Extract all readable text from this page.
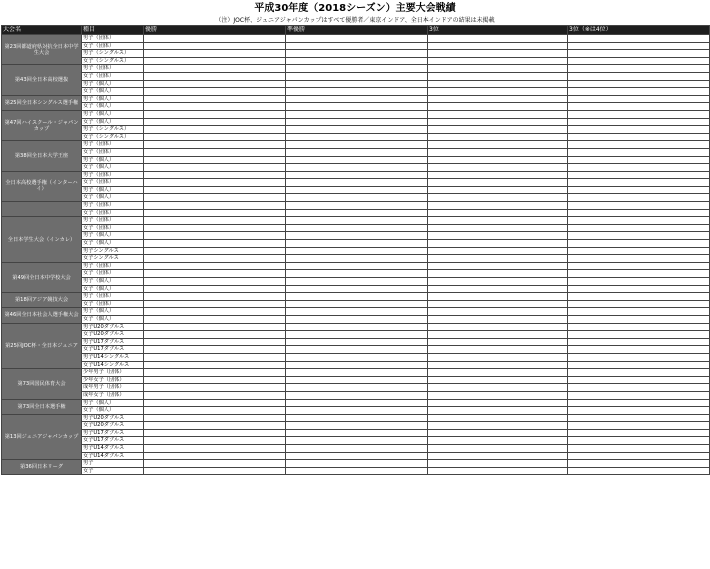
平成30年度（2018シーズン）主要大会戦績
（注）JOC杯、ジュニアジャパンカップはすべて優勝者／東京インドア、全日本インドアの結果は未掲載
大会名	種目	優勝	準優勝	3位	3位（※は4位）
第23回都道府県対抗全日本中学生大会	男子（団体）				
	女子（団体）				
	男子（シングルス）				
	女子（シングルス）				
第43回全日本高校選抜	男子（団体）				
	女子（団体）				
	男子（個人）				
	女子（個人）				
第25回全日本シングルス選手権	男子（個人）				
	女子（個人）				
第47回ハイスクール・ジャパンカップ	男子（個人）				
	女子（個人）				
	男子（シングルス）				
	女子（シングルス）				
第38回全日本大学王座	男子（団体）				
	女子（団体）				
	男子（個人）				
	女子（個人）				
全日本高校選手権（インターハイ）	男子（団体）				
	女子（団体）				
	男子（個人）				
	女子（個人）				
	男子（団体）				
	女子（団体）				
全日本学生大会（インカレ）	男子（団体）				
	女子（団体）				
	男子（個人）				
	女子（個人）				
	男子シングルス				
	女子シングルス				
第49回全日本中学校大会	男子（団体）				
	女子（団体）				
	男子（個人）				
	女子（個人）				
第18回アジア競技大会	男子（団体）				
	女子（団体）				
第46回全日本社会人選手権大会	男子（個人）				
	女子（個人）				
第25回JOC杯・全日本ジュニア	男子U20ダブルス				
	女子U20ダブルス				
	男子U17ダブルス				
	女子U17ダブルス				
	男子U14シングルス				
	女子U14シングルス				
第73回国民体育大会	少年男子（団体）				
	少年女子（団体）				
	成年男子（団体）				
	成年女子（団体）				
第73回全日本選手権	男子（個人）				
	女子（個人）				
第13回ジュニアジャパンカップ	男子U20ダブルス				
	女子U20ダブルス				
	男子U17ダブルス				
	女子U17ダブルス				
	男子U14ダブルス				
	女子U14ダブルス				
第36回日本リーグ	男子				
	女子				
